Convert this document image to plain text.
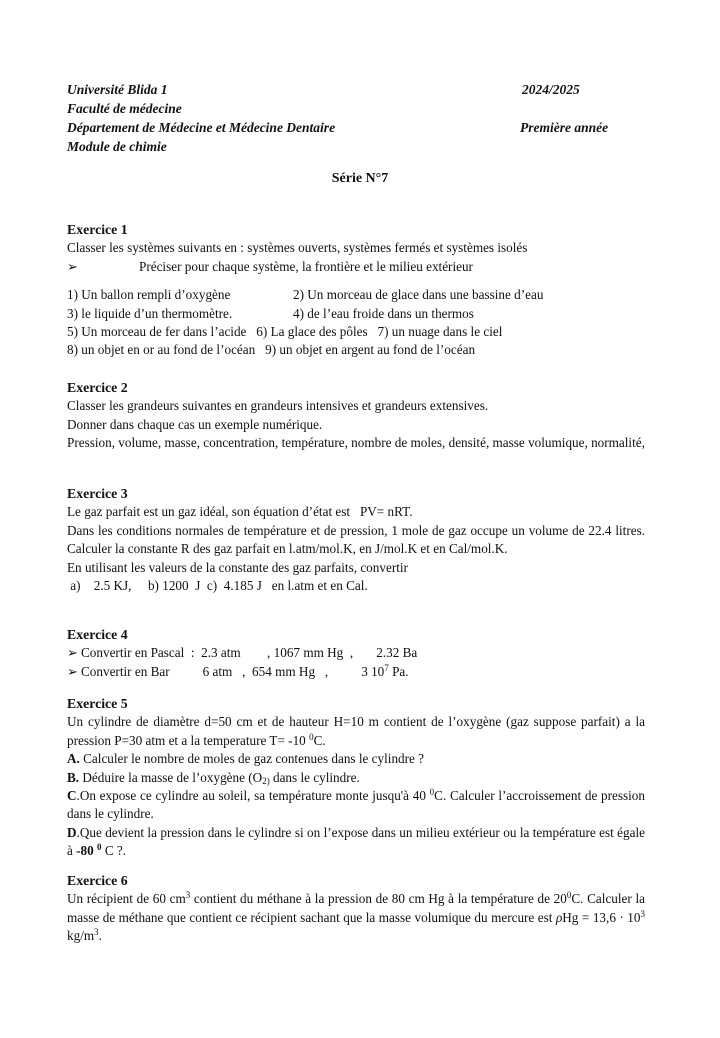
Université Blida 1
Faculté de médecine
Département de Médecine et Médecine Dentaire
Module de chimie
2024/2025
Première année
Série N°7
Exercice 1
Classer les systèmes suivants en : systèmes ouverts, systèmes fermés et systèmes isolés
➢	Préciser pour chaque système, la frontière et le milieu extérieur
1) Un ballon rempli d’oxygène	2) Un morceau de glace dans une bassine d’eau
3) le liquide d’un thermomètre.	4) de l’eau froide dans un thermos
5) Un morceau de fer dans l’acide   6) La glace des pôles   7) un nuage dans le ciel
8) un objet en or au fond de l’océan   9) un objet en argent au fond de l’océan
Exercice 2
Classer les grandeurs suivantes en grandeurs intensives et grandeurs extensives.
Donner dans chaque cas un exemple numérique.
Pression, volume, masse, concentration, température, nombre de moles, densité, masse volumique, normalité,
Exercice 3
Le gaz parfait est un gaz idéal, son équation d’état est   PV= nRT.
Dans les conditions normales de température et de pression, 1 mole de gaz occupe un volume de 22.4 litres. Calculer la constante R des gaz parfait en l.atm/mol.K, en J/mol.K et en Cal/mol.K.
En utilisant les valeurs de la constante des gaz parfaits, convertir
a)    2.5 KJ,     b) 1200  J  c)  4.185 J   en l.atm et en Cal.
Exercice 4
➢ Convertir en Pascal  :  2.3 atm        , 1067 mm Hg  ,       2.32 Ba
➢ Convertir en Bar          6 atm   ,  654 mm Hg   ,          3 $10^7$ Pa.
Exercice 5
Un cylindre de diamètre d=50 cm et de hauteur H=10 m contient de l’oxygène (gaz suppose parfait) a la pression P=30 atm et a la temperature T= -10 $^0$C.
A. Calculer le nombre de moles de gaz contenues dans le cylindre ?
B. Déduire la masse de l’oxygène ($O_{2)}$ dans le cylindre.
C.On expose ce cylindre au soleil, sa température monte jusqu'à 40 $^0$C. Calculer l’accroissement de pression dans le cylindre.
D.Que devient la pression dans le cylindre si on l’expose dans un milieu extérieur ou la température est égale à -80 $^0$ C ?.
Exercice 6
Un récipient de 60 $cm^3$ contient du méthane à la pression de 80 cm Hg à la température de $20^0C$. Calculer la masse de méthane que contient ce récipient sachant que la masse volumique du mercure est $\rho Hg = 13,6 \cdot 10^3$ $kg/m^3$.
